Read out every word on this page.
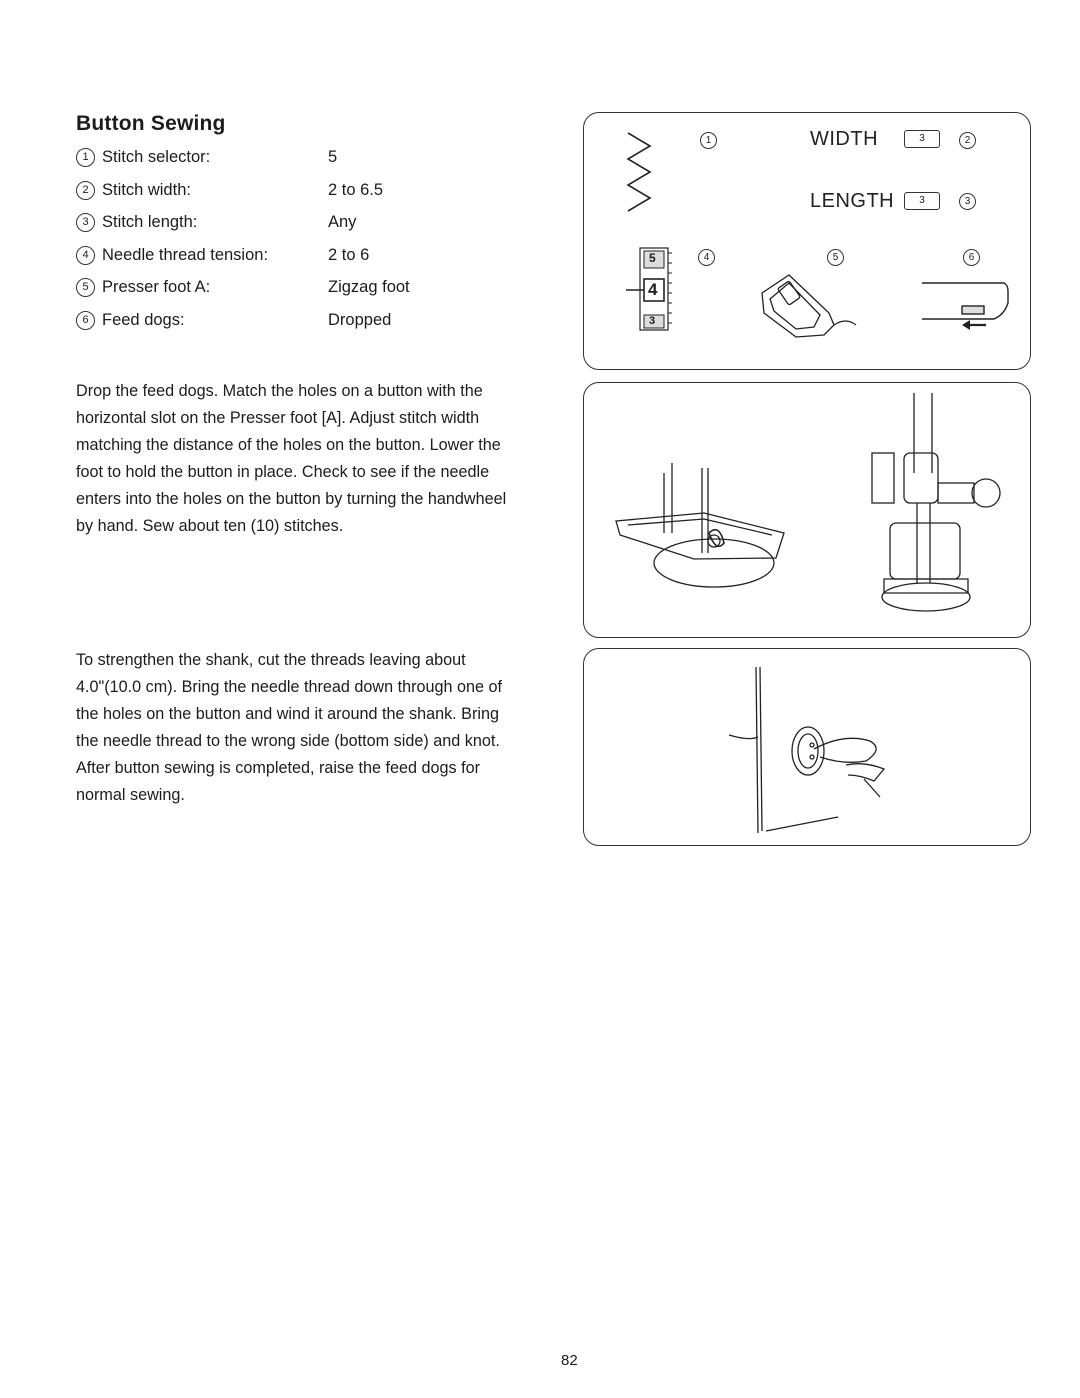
Button Sewing
1 Stitch selector:	5
2 Stitch width:	2 to 6.5
3 Stitch length:	Any
4 Needle thread tension:	2 to 6
5 Presser foot A:	Zigzag foot
6 Feed dogs:	Dropped

Drop the feed dogs. Match the holes on a button with the
horizontal slot on the Presser foot [A]. Adjust stitch width
matching the distance of the holes on the button. Lower the
foot to hold the button in place. Check to see if the needle
enters into the holes on the button by turning the handwheel
by hand. Sew about ten (10) stitches.

To strengthen the shank, cut the threads leaving about
4.0"(10.0 cm). Bring the needle thread down through one of
the holes on the button and wind it around the shank. Bring
the needle thread to the wrong side (bottom side) and knot.
After button sewing is completed, raise the feed dogs for
normal sewing.

1	WIDTH	3	2
LENGTH	3	3
4	5	6
5
4
3
82
